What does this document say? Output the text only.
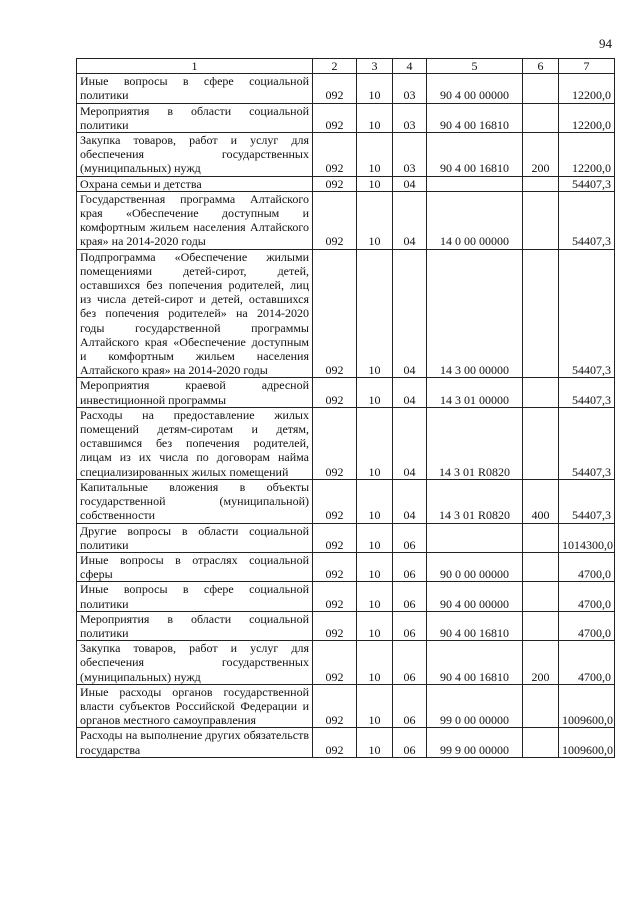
94
1	2	3	4	5	6	7
Иные вопросы в сфере социальной политики	092	10	03	90 4 00 00000		12200,0
Мероприятия в области социальной политики	092	10	03	90 4 00 16810		12200,0
Закупка товаров, работ и услуг для обеспечения государственных (муниципальных) нужд	092	10	03	90 4 00 16810	200	12200,0
Охрана семьи и детства	092	10	04			54407,3
Государственная программа Алтайского края «Обеспечение доступным и комфортным жильем населения Алтайского края» на 2014-2020 годы	092	10	04	14 0 00 00000		54407,3
Подпрограмма «Обеспечение жилыми помещениями детей-сирот, детей, оставшихся без попечения родителей, лиц из числа детей-сирот и детей, оставшихся без попечения родителей» на 2014-2020 годы государственной программы Алтайского края «Обеспечение доступным и комфортным жильем населения Алтайского края» на 2014-2020 годы	092	10	04	14 3 00 00000		54407,3
Мероприятия краевой адресной инвестиционной программы	092	10	04	14 3 01 00000		54407,3
Расходы на предоставление жилых помещений детям-сиротам и детям, оставшимся без попечения родителей, лицам из их числа по договорам найма специализированных жилых помещений	092	10	04	14 3 01 R0820		54407,3
Капитальные вложения в объекты государственной (муниципальной) собственности	092	10	04	14 3 01 R0820	400	54407,3
Другие вопросы в области социальной политики	092	10	06			1014300,0
Иные вопросы в отраслях социальной сферы	092	10	06	90 0 00 00000		4700,0
Иные вопросы в сфере социальной политики	092	10	06	90 4 00 00000		4700,0
Мероприятия в области социальной политики	092	10	06	90 4 00 16810		4700,0
Закупка товаров, работ и услуг для обеспечения государственных (муниципальных) нужд	092	10	06	90 4 00 16810	200	4700,0
Иные расходы органов государственной власти субъектов Российской Федерации и органов местного самоуправления	092	10	06	99 0 00 00000		1009600,0
Расходы на выполнение других обязательств государства	092	10	06	99 9 00 00000		1009600,0
